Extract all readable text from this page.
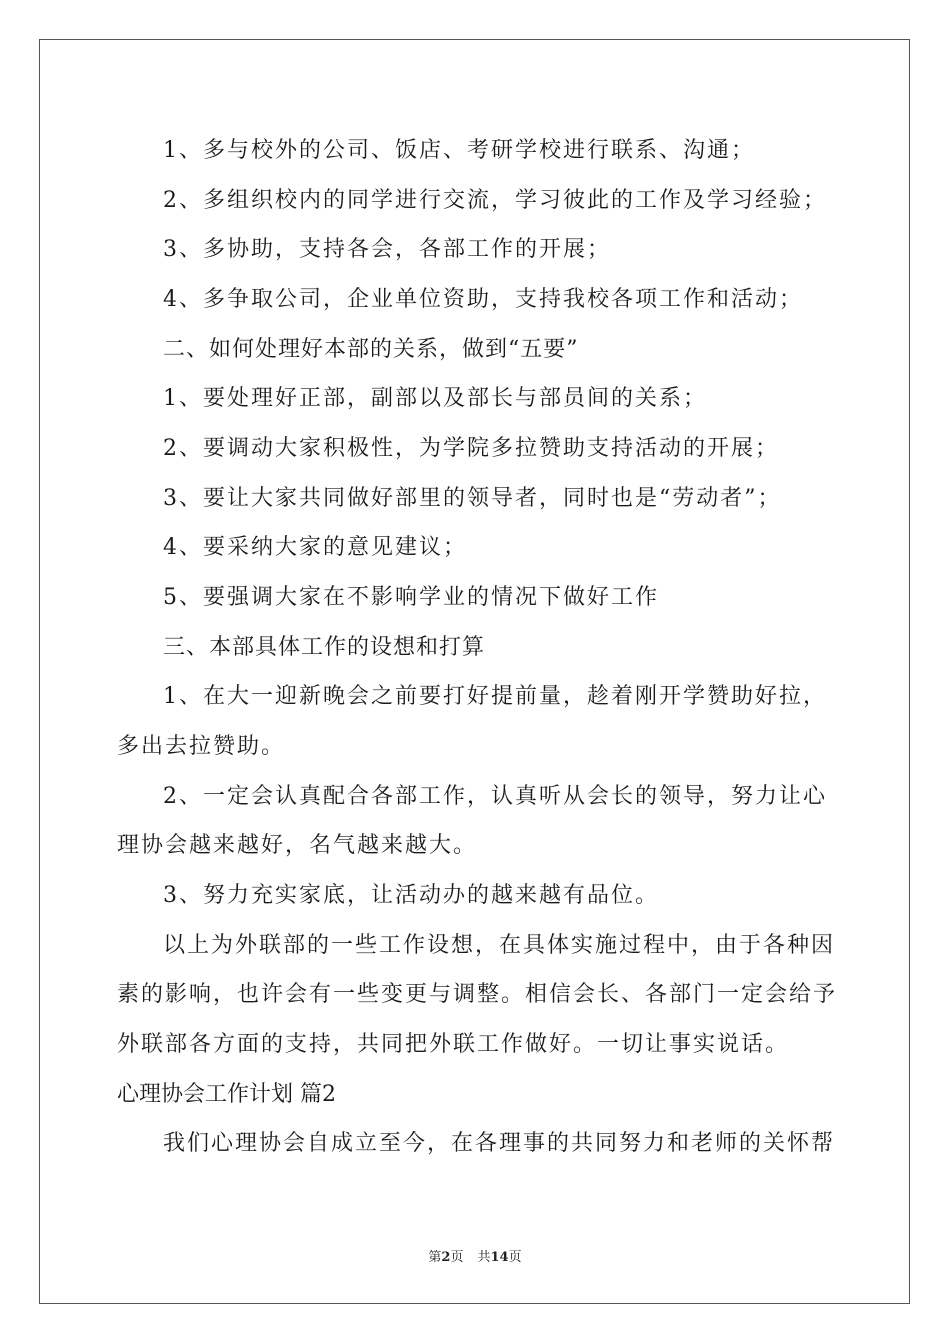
1、多与校外的公司、饭店、考研学校进行联系、沟通；
2、多组织校内的同学进行交流，学习彼此的工作及学习经验；
3、多协助，支持各会，各部工作的开展；
4、多争取公司，企业单位资助，支持我校各项工作和活动；
二、如何处理好本部的关系，做到“五要”
1、要处理好正部，副部以及部长与部员间的关系；
2、要调动大家积极性，为学院多拉赞助支持活动的开展；
3、要让大家共同做好部里的领导者，同时也是“劳动者”；
4、要采纳大家的意见建议；
5、要强调大家在不影响学业的情况下做好工作
三、本部具体工作的设想和打算
1、在大一迎新晚会之前要打好提前量，趁着刚开学赞助好拉，
多出去拉赞助。
2、一定会认真配合各部工作，认真听从会长的领导，努力让心
理协会越来越好，名气越来越大。
3、努力充实家底，让活动办的越来越有品位。
以上为外联部的一些工作设想，在具体实施过程中，由于各种因
素的影响，也许会有一些变更与调整。相信会长、各部门一定会给予
外联部各方面的支持，共同把外联工作做好。一切让事实说话。
心理协会工作计划 篇2
我们心理协会自成立至今，在各理事的共同努力和老师的关怀帮
第2页 共14页
